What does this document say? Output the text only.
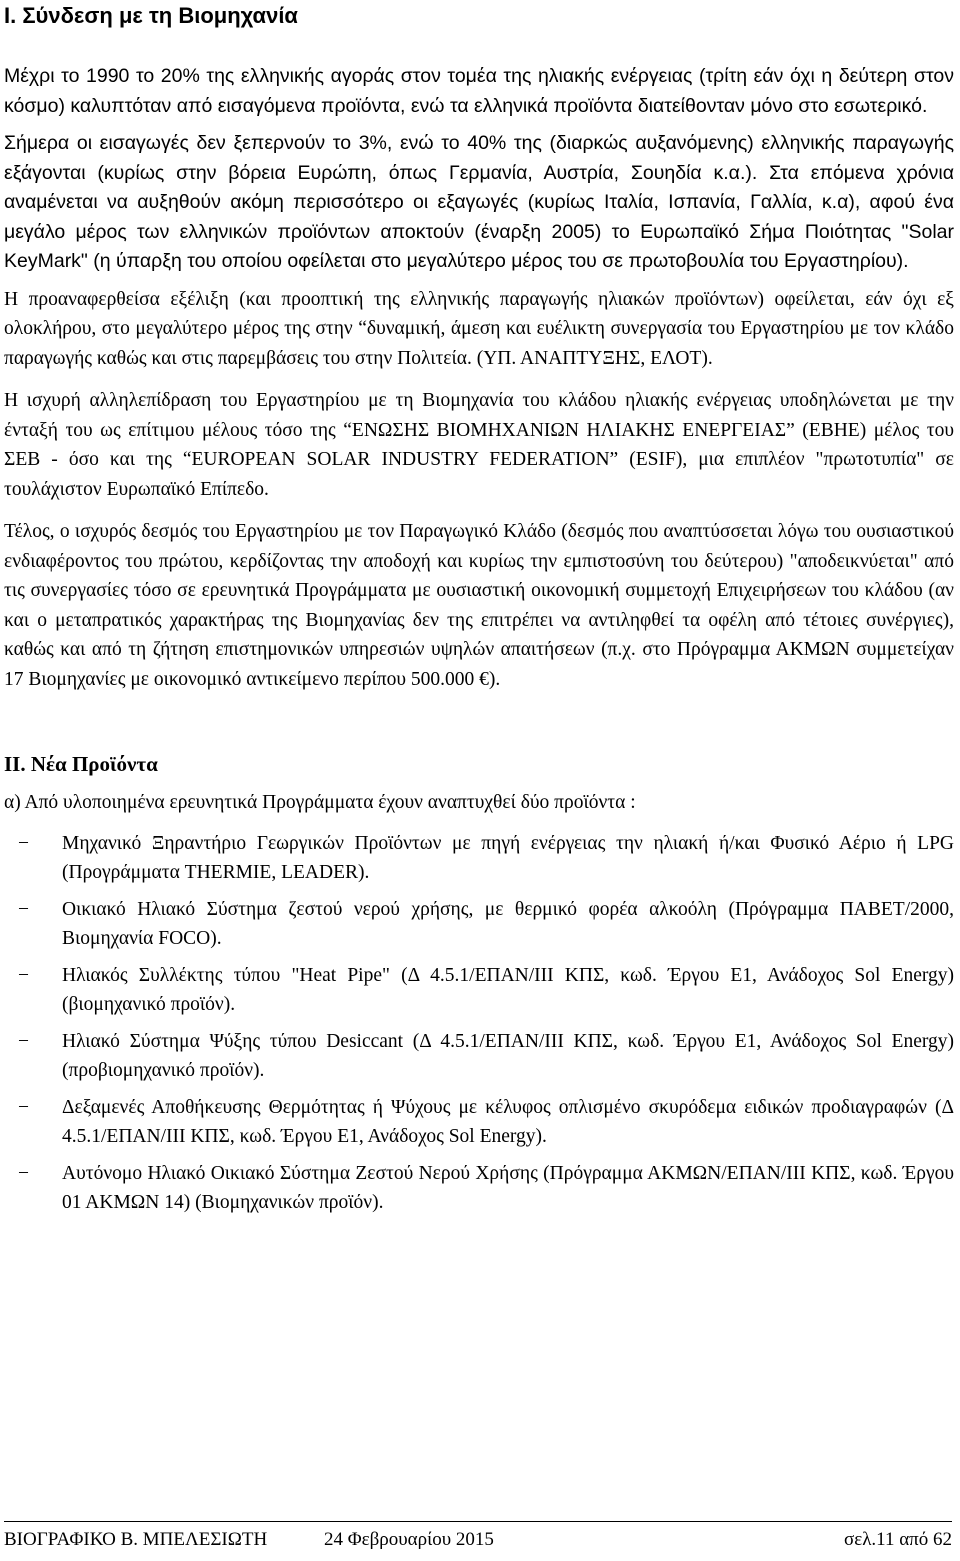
I. Σύνδεση με τη Βιομηχανία

Μέχρι το 1990 το 20% της ελληνικής αγοράς στον τομέα της ηλιακής ενέργειας (τρίτη εάν όχι η δεύτερη στον κόσμο) καλυπτόταν από εισαγόμενα προϊόντα, ενώ τα ελληνικά προϊόντα διατείθονταν μόνο στο εσωτερικό.

Σήμερα οι εισαγωγές δεν ξεπερνούν το 3%, ενώ το 40% της (διαρκώς αυξανόμενης) ελληνικής παραγωγής εξάγονται (κυρίως στην βόρεια Ευρώπη, όπως Γερμανία, Αυστρία, Σουηδία κ.α.). Στα επόμενα χρόνια αναμένεται να αυξηθούν ακόμη περισσότερο οι εξαγωγές (κυρίως Ιταλία, Ισπανία, Γαλλία, κ.α), αφού ένα μεγάλο μέρος των ελληνικών προϊόντων αποκτούν (έναρξη 2005) το Ευρωπαϊκό Σήμα Ποιότητας "Solar KeyMark" (η ύπαρξη του οποίου οφείλεται στο μεγαλύτερο μέρος του σε πρωτοβουλία του Εργαστηρίου).

Η προαναφερθείσα εξέλιξη (και προοπτική της ελληνικής παραγωγής ηλιακών προϊόντων) οφείλεται, εάν όχι εξ ολοκλήρου, στο μεγαλύτερο μέρος της στην “δυναμική, άμεση και ευέλικτη συνεργασία του Εργαστηρίου με τον κλάδο παραγωγής καθώς και στις παρεμβάσεις του στην Πολιτεία. (ΥΠ. ΑΝΑΠΤΥΞΗΣ, ΕΛΟΤ).

Η ισχυρή αλληλεπίδραση του Εργαστηρίου με τη Βιομηχανία του κλάδου ηλιακής ενέργειας υποδηλώνεται με την ένταξή του ως επίτιμου μέλους τόσο της “ΕΝΩΣΗΣ ΒΙΟΜΗΧΑΝΙΩΝ ΗΛΙΑΚΗΣ ΕΝΕΡΓΕΙΑΣ” (ΕΒΗΕ) μέλος του ΣΕΒ - όσο και της “EUROPEAN SOLAR INDUSTRY FEDERATION” (ESIF), μια επιπλέον "πρωτοτυπία" σε τουλάχιστον Ευρωπαϊκό Επίπεδο.

Τέλος, ο ισχυρός δεσμός του Εργαστηρίου με τον Παραγωγικό Κλάδο (δεσμός που αναπτύσσεται λόγω του ουσιαστικού ενδιαφέροντος του πρώτου, κερδίζοντας την αποδοχή και κυρίως την εμπιστοσύνη του δεύτερου) "αποδεικνύεται" από τις συνεργασίες τόσο σε ερευνητικά Προγράμματα με ουσιαστική οικονομική συμμετοχή Επιχειρήσεων του κλάδου (αν και ο μεταπρατικός χαρακτήρας της Βιομηχανίας δεν της επιτρέπει να αντιληφθεί τα οφέλη από τέτοιες συνέργιες), καθώς και από τη ζήτηση επιστημονικών υπηρεσιών υψηλών απαιτήσεων (π.χ. στο Πρόγραμμα ΑΚΜΩΝ συμμετείχαν 17 Βιομηχανίες με οικονομικό αντικείμενο περίπου 500.000 €).

II. Νέα Προϊόντα

α) Από υλοποιημένα ερευνητικά Προγράμματα έχουν αναπτυχθεί δύο προϊόντα :

− Μηχανικό Ξηραντήριο Γεωργικών Προϊόντων με πηγή ενέργειας την ηλιακή ή/και Φυσικό Αέριο ή LPG (Προγράμματα THERMIE, LEADER).
− Οικιακό Ηλιακό Σύστημα ζεστού νερού χρήσης, με θερμικό φορέα αλκοόλη (Πρόγραμμα ΠΑΒΕΤ/2000, Βιομηχανία FOCO).
− Ηλιακός Συλλέκτης τύπου "Heat Pipe" (Δ 4.5.1/ΕΠΑΝ/ΙΙΙ ΚΠΣ, κωδ. Έργου Ε1, Ανάδοχος Sol Energy) (βιομηχανικό προϊόν).
− Ηλιακό Σύστημα Ψύξης τύπου Desiccant (Δ 4.5.1/ΕΠΑΝ/ΙΙΙ ΚΠΣ, κωδ. Έργου Ε1, Ανάδοχος Sol Energy) (προβιομηχανικό προϊόν).
− Δεξαμενές Αποθήκευσης Θερμότητας ή Ψύχους με κέλυφος οπλισμένο σκυρόδεμα ειδικών προδιαγραφών (Δ 4.5.1/ΕΠΑΝ/ΙΙΙ ΚΠΣ, κωδ. Έργου Ε1, Ανάδοχος Sol Energy).
− Αυτόνομο Ηλιακό Οικιακό Σύστημα Ζεστού Νερού Χρήσης (Πρόγραμμα ΑΚΜΩΝ/ΕΠΑΝ/ΙΙΙ ΚΠΣ, κωδ. Έργου 01 ΑΚΜΩΝ 14) (Βιομηχανικών προϊόν).
ΒΙΟΓΡΑΦΙΚΟ Β. ΜΠΕΛΕΣΙΩΤΗ	24 Φεβρουαρίου 2015	σελ.11 από 62
